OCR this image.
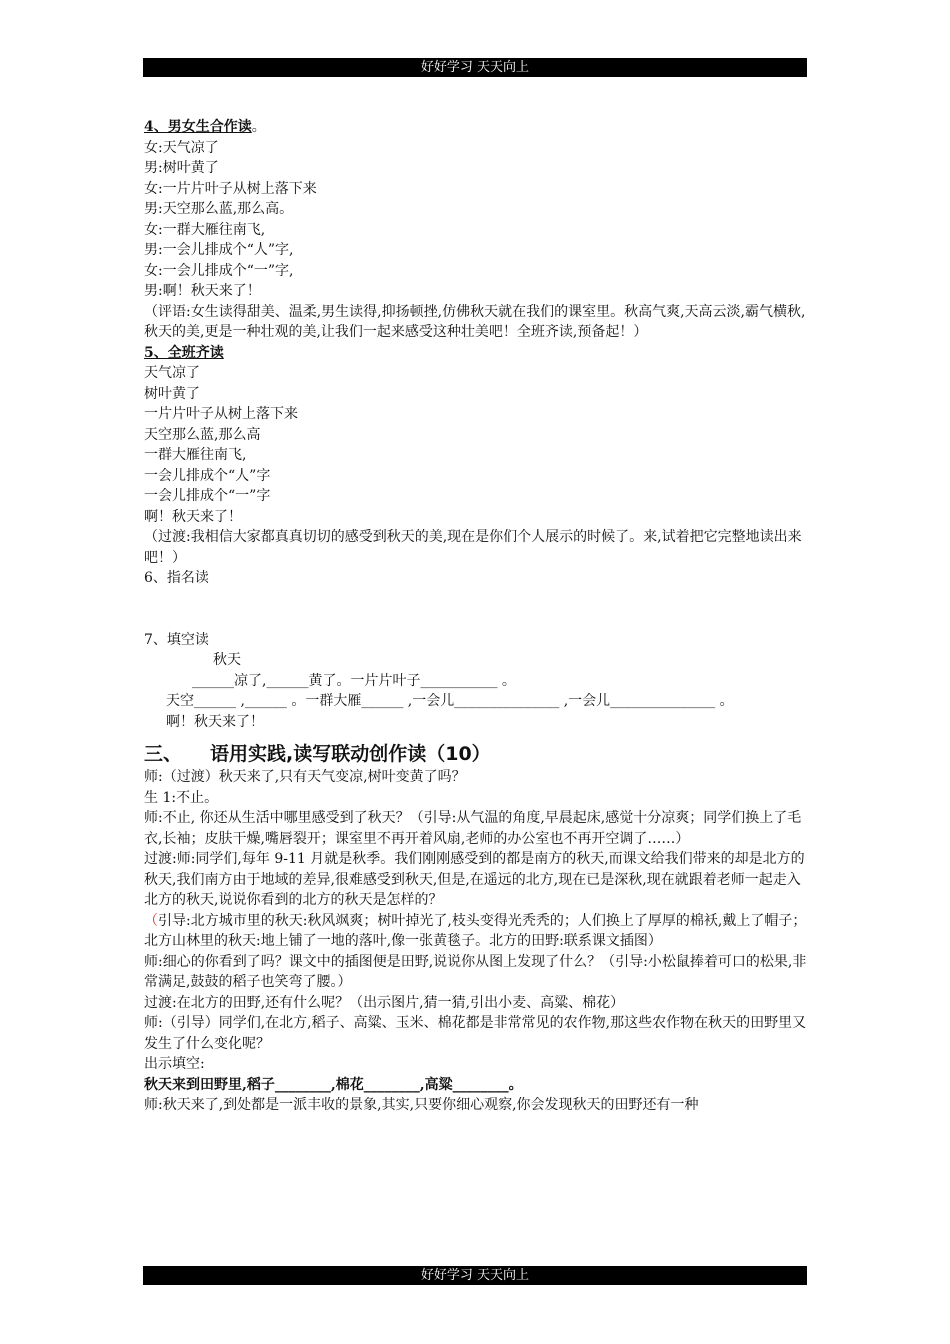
好好学习 天天向上

4、男女生合作读。

女:天气凉了

男:树叶黄了

女:一片片叶子从树上落下来

男:天空那么蓝,那么高。

女:一群大雁往南飞,

男:一会儿排成个“人”字,

女:一会儿排成个“一”字,

男:啊！秋天来了！

（评语:女生读得甜美、温柔,男生读得,抑扬顿挫,仿佛秋天就在我们的课室里。秋高气爽,天高云淡,霸气横秋,秋天的美,更是一种壮观的美,让我们一起来感受这种壮美吧！全班齐读,预备起！）

5、全班齐读

天气凉了

树叶黄了

一片片叶子从树上落下来

天空那么蓝,那么高

一群大雁往南飞,

一会儿排成个“人”字

一会儿排成个“一”字

啊！秋天来了！

（过渡:我相信大家都真真切切的感受到秋天的美,现在是你们个人展示的时候了。来,试着把它完整地读出来吧！）

6、指名读

7、填空读

秋天

______凉了,______黄了。一片片叶子___________ 。

天空______ ,______ 。一群大雁______ ,一会儿_______________ ,一会儿_______________ 。

啊！秋天来了！

三、 语用实践,读写联动创作读（10）

师:（过渡）秋天来了,只有天气变凉,树叶变黄了吗？

生 1:不止。

师:不止, 你还从生活中哪里感受到了秋天？（引导:从气温的角度,早晨起床,感觉十分凉爽；同学们换上了毛衣,长袖；皮肤干燥,嘴唇裂开；课室里不再开着风扇,老师的办公室也不再开空调了……）

过渡:师:同学们,每年 9-11 月就是秋季。我们刚刚感受到的都是南方的秋天,而课文给我们带来的却是北方的秋天,我们南方由于地域的差异,很难感受到秋天,但是,在遥远的北方,现在已是深秋,现在就跟着老师一起走入北方的秋天,说说你看到的北方的秋天是怎样的？

（引导:北方城市里的秋天:秋风飒爽；树叶掉光了,枝头变得光秃秃的；人们换上了厚厚的棉袄,戴上了帽子；北方山林里的秋天:地上铺了一地的落叶,像一张黄毯子。北方的田野:联系课文插图）

师:细心的你看到了吗？课文中的插图便是田野,说说你从图上发现了什么？（引导:小松鼠捧着可口的松果,非常满足,鼓鼓的稻子也笑弯了腰。）

过渡:在北方的田野,还有什么呢？（出示图片,猜一猜,引出小麦、高粱、棉花）

师:（引导）同学们,在北方,稻子、高粱、玉米、棉花都是非常常见的农作物,那这些农作物在秋天的田野里又发生了什么变化呢？

出示填空:

秋天来到田野里,稻子________,棉花________,高粱________。

师:秋天来了,到处都是一派丰收的景象,其实,只要你细心观察,你会发现秋天的田野还有一种

好好学习 天天向上
